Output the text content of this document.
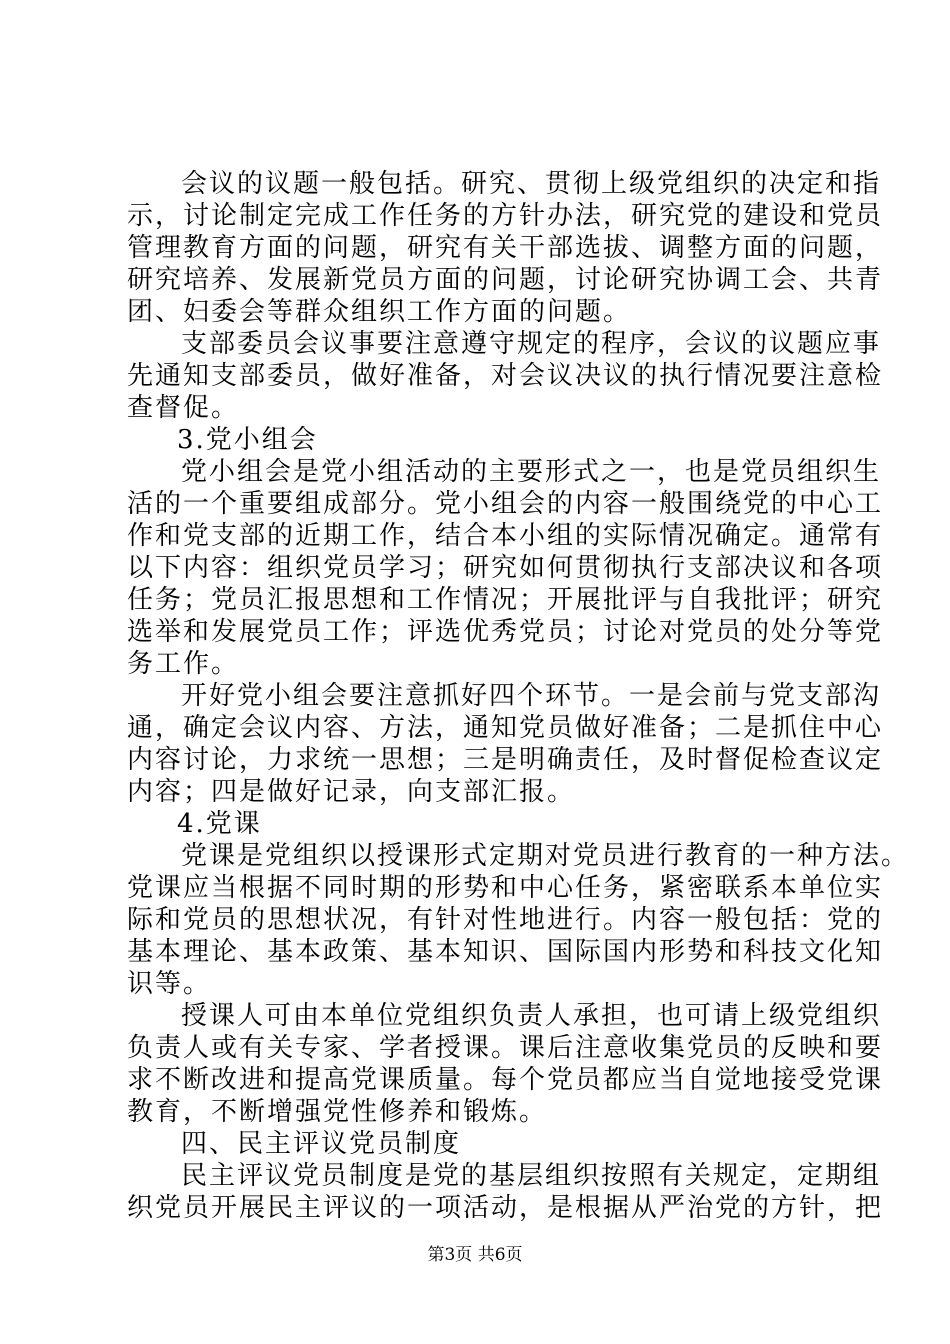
会议的议题一般包括。研究、贯彻上级党组织的决定和指
示，讨论制定完成工作任务的方针办法，研究党的建设和党员
管理教育方面的问题，研究有关干部选拔、调整方面的问题，
研究培养、发展新党员方面的问题，讨论研究协调工会、共青
团、妇委会等群众组织工作方面的问题。
支部委员会议事要注意遵守规定的程序，会议的议题应事
先通知支部委员，做好准备，对会议决议的执行情况要注意检
查督促。
3.党小组会
党小组会是党小组活动的主要形式之一，也是党员组织生
活的一个重要组成部分。党小组会的内容一般围绕党的中心工
作和党支部的近期工作，结合本小组的实际情况确定。通常有
以下内容：组织党员学习；研究如何贯彻执行支部决议和各项
任务；党员汇报思想和工作情况；开展批评与自我批评；研究
选举和发展党员工作；评选优秀党员；讨论对党员的处分等党
务工作。
开好党小组会要注意抓好四个环节。一是会前与党支部沟
通，确定会议内容、方法，通知党员做好准备；二是抓住中心
内容讨论，力求统一思想；三是明确责任，及时督促检查议定
内容；四是做好记录，向支部汇报。
4.党课
党课是党组织以授课形式定期对党员进行教育的一种方法。
党课应当根据不同时期的形势和中心任务，紧密联系本单位实
际和党员的思想状况，有针对性地进行。内容一般包括：党的
基本理论、基本政策、基本知识、国际国内形势和科技文化知
识等。
授课人可由本单位党组织负责人承担，也可请上级党组织
负责人或有关专家、学者授课。课后注意收集党员的反映和要
求不断改进和提高党课质量。每个党员都应当自觉地接受党课
教育，不断增强党性修养和锻炼。
四、民主评议党员制度
民主评议党员制度是党的基层组织按照有关规定，定期组
织党员开展民主评议的一项活动，是根据从严治党的方针，把
第3页 共6页
